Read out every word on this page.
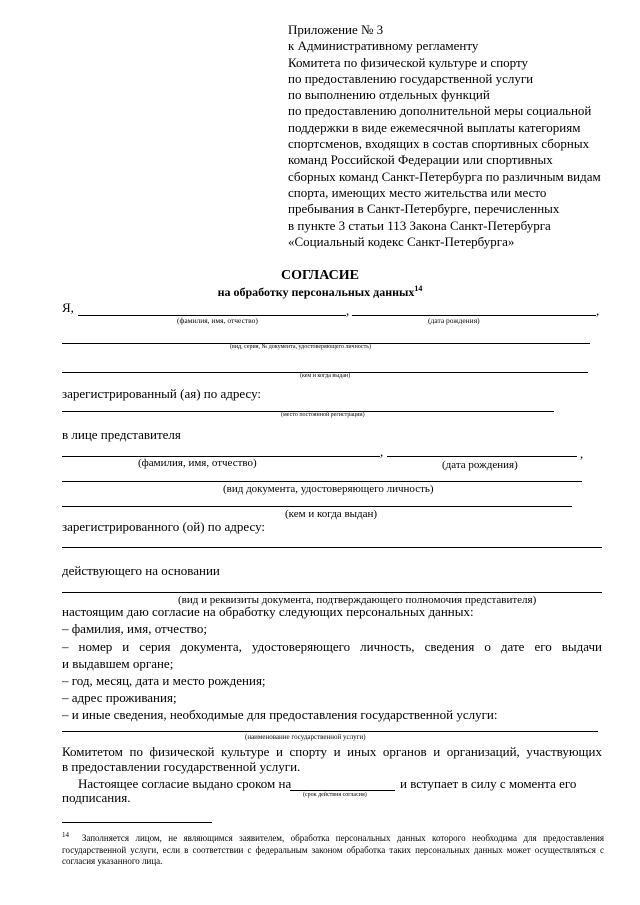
Приложение № 3
к Административному регламенту
Комитета по физической культуре и спорту
по предоставлению государственной услуги
по выполнению отдельных функций
по предоставлению дополнительной меры социальной
поддержки в виде ежемесячной выплаты категориям
спортсменов, входящих в состав спортивных сборных
команд Российской Федерации или спортивных
сборных команд Санкт-Петербурга по различным видам
спорта, имеющих место жительства или место
пребывания в Санкт-Петербурге, перечисленных
в пункте 3 статьи 113 Закона Санкт-Петербурга
«Социальный кодекс Санкт-Петербурга»
СОГЛАСИЕ
на обработку персональных данных$^{14}$
Я,	,	,
(фамилия, имя, отчество)	(дата рождения)
(вид, серия, № документа, удостоверяющего личность)
(кем и когда выдан)
зарегистрированный (ая) по адресу:
(место постоянной регистрации)
в лице представителя
,	,
(фамилия, имя, отчество)	(дата рождения)
(вид документа, удостоверяющего личность)
(кем и когда выдан)
зарегистрированного (ой) по адресу:
действующего на основании
(вид и реквизиты документа, подтверждающего полномочия представителя)
настоящим даю согласие на обработку следующих персональных данных:
– фамилия, имя, отчество;
– номер и серия документа, удостоверяющего личность, сведения о дате его выдачи
и выдавшем органе;
– год, месяц, дата и место рождения;
– адрес проживания;
– и иные сведения, необходимые для предоставления государственной услуги:
(наименование государственной услуги)
Комитетом по физической культуре и спорту и иных органов и организаций, участвующих
в предоставлении государственной услуги.
Настоящее согласие выдано сроком на	и вступает в силу с момента его
подписания.	(срок действия согласия)
$^{14}$ Заполняется лицом, не являющимся заявителем, обработка персональных данных которого необходима для предоставления государственной услуги, если в соответствии с федеральным законом обработка таких персональных данных может осуществляться с согласия указанного лица.
